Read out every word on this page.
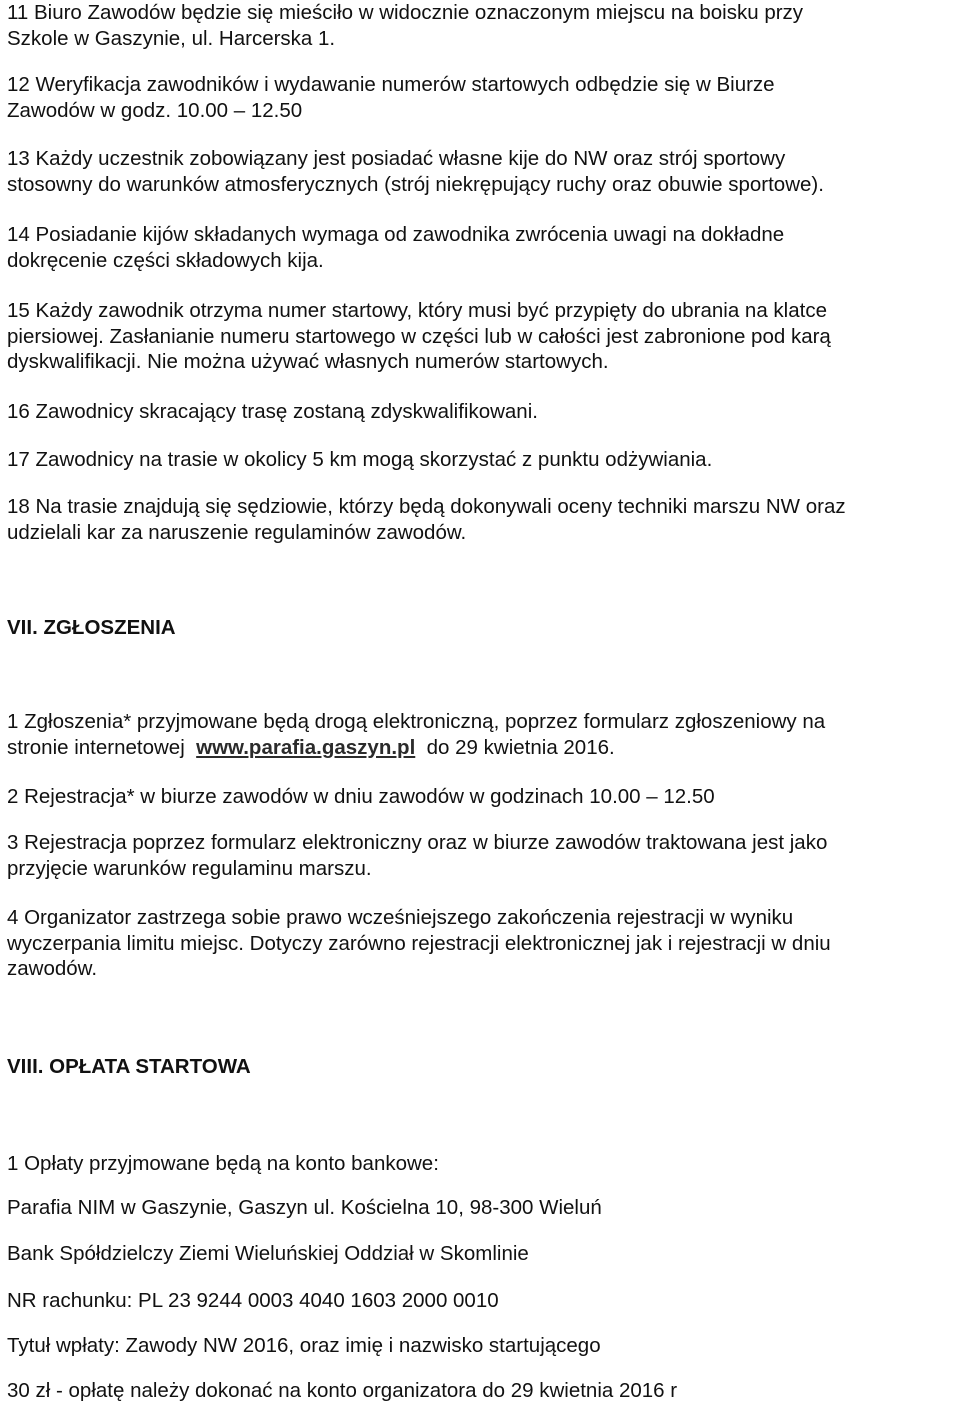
11 Biuro Zawodów będzie się mieściło w widocznie oznaczonym miejscu na boisku przy
Szkole w Gaszynie, ul. Harcerska 1.

12 Weryfikacja zawodników i wydawanie numerów startowych odbędzie się w Biurze
Zawodów w godz. 10.00 – 12.50

13 Każdy uczestnik zobowiązany jest posiadać własne kije do NW oraz strój sportowy
stosowny do warunków atmosferycznych (strój niekrępujący ruchy oraz obuwie sportowe).

14 Posiadanie kijów składanych wymaga od zawodnika zwrócenia uwagi na dokładne
dokręcenie części składowych kija.

15 Każdy zawodnik otrzyma numer startowy, który musi być przypięty do ubrania na klatce
piersiowej. Zasłanianie numeru startowego w części lub w całości jest zabronione pod karą
dyskwalifikacji. Nie można używać własnych numerów startowych.

16 Zawodnicy skracający trasę zostaną zdyskwalifikowani.

17 Zawodnicy na trasie w okolicy 5 km mogą skorzystać z punktu odżywiania.

18 Na trasie znajdują się sędziowie, którzy będą dokonywali oceny techniki marszu NW oraz
udzielali kar za naruszenie regulaminów zawodów.

VII. ZGŁOSZENIA

1 Zgłoszenia* przyjmowane będą drogą elektroniczną, poprzez formularz zgłoszeniowy na
stronie internetowej  www.parafia.gaszyn.pl  do 29 kwietnia 2016.

2 Rejestracja* w biurze zawodów w dniu zawodów w godzinach 10.00 – 12.50

3 Rejestracja poprzez formularz elektroniczny oraz w biurze zawodów traktowana jest jako
przyjęcie warunków regulaminu marszu.

4 Organizator zastrzega sobie prawo wcześniejszego zakończenia rejestracji w wyniku
wyczerpania limitu miejsc. Dotyczy zarówno rejestracji elektronicznej jak i rejestracji w dniu
zawodów.

VIII. OPŁATA STARTOWA

1 Opłaty przyjmowane będą na konto bankowe:

Parafia NIM w Gaszynie, Gaszyn ul. Kościelna 10, 98-300 Wieluń

Bank Spółdzielczy Ziemi Wieluńskiej Oddział w Skomlinie

NR rachunku: PL 23 9244 0003 4040 1603 2000 0010

Tytuł wpłaty: Zawody NW 2016, oraz imię i nazwisko startującego

30 zł - opłatę należy dokonać na konto organizatora do 29 kwietnia 2016 r
